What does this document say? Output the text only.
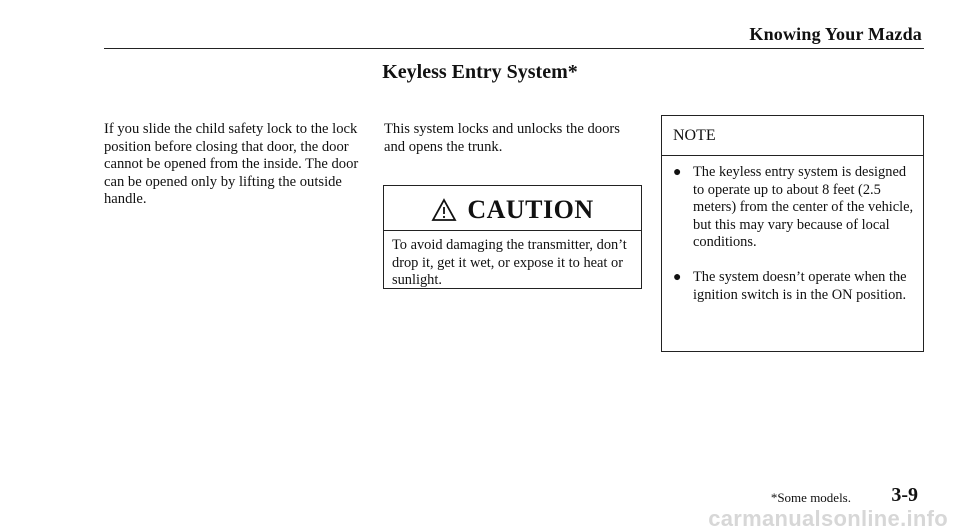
Knowing Your Mazda
Keyless Entry System*
If you slide the child safety lock to the lock position before closing that door, the door cannot be opened from the inside. The door can be opened only by lifting the outside handle.
This system locks and unlocks the doors and opens the trunk.
CAUTION
To avoid damaging the transmitter, don’t drop it, get it wet, or expose it to heat or sunlight.
NOTE
● The keyless entry system is designed to operate up to about 8 feet (2.5 meters) from the center of the vehicle, but this may vary because of local conditions.
● The system doesn’t operate when the ignition switch is in the ON position.
*Some models. 3-9
carmanualsonline.info
